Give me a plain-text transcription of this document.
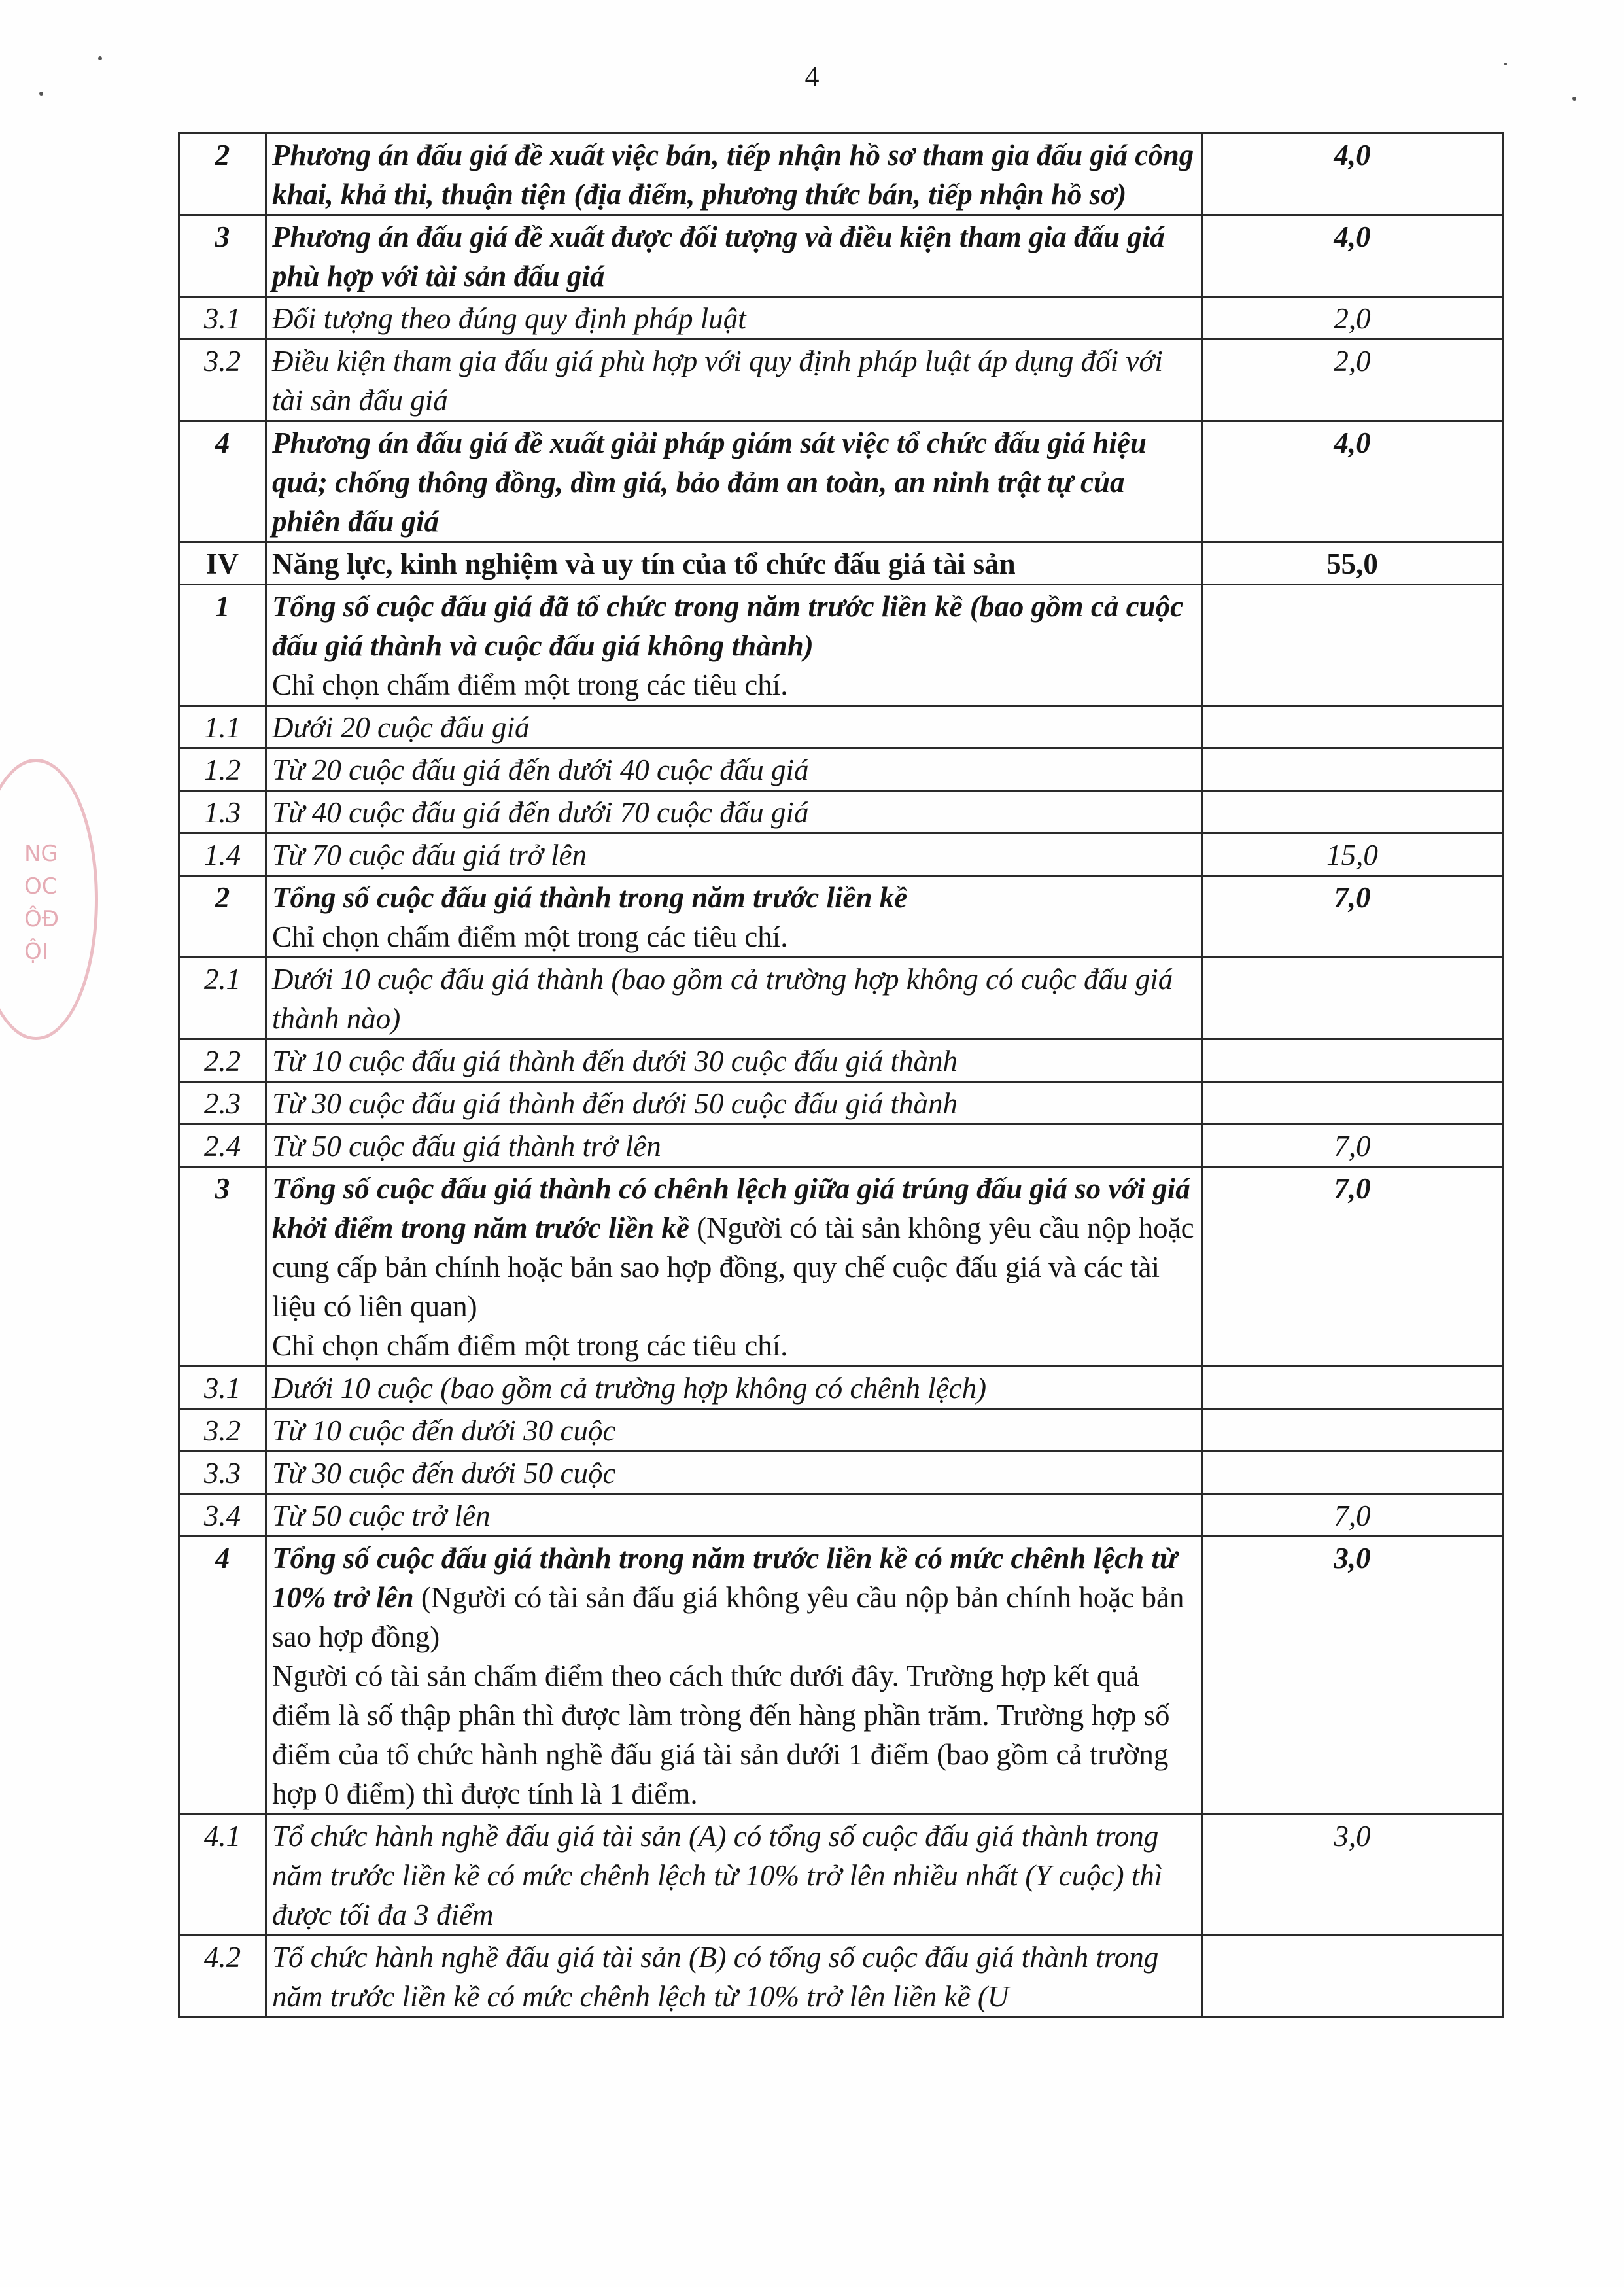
4
NG
OC
ÔĐ
ỘI
2	Phương án đấu giá đề xuất việc bán, tiếp nhận hồ sơ tham gia đấu giá công khai, khả thi, thuận tiện (địa điểm, phương thức bán, tiếp nhận hồ sơ)	4,0
3	Phương án đấu giá đề xuất được đối tượng và điều kiện tham gia đấu giá phù hợp với tài sản đấu giá	4,0
3.1	Đối tượng theo đúng quy định pháp luật	2,0
3.2	Điều kiện tham gia đấu giá phù hợp với quy định pháp luật áp dụng đối với tài sản đấu giá	2,0
4	Phương án đấu giá đề xuất giải pháp giám sát việc tổ chức đấu giá hiệu quả; chống thông đồng, dìm giá, bảo đảm an toàn, an ninh trật tự của phiên đấu giá	4,0
IV	Năng lực, kinh nghiệm và uy tín của tổ chức đấu giá tài sản	55,0
1	Tổng số cuộc đấu giá đã tổ chức trong năm trước liền kề (bao gồm cả cuộc đấu giá thành và cuộc đấu giá không thành)
Chỉ chọn chấm điểm một trong các tiêu chí.	

1.1	Dưới 20 cuộc đấu giá	
1.2	Từ 20 cuộc đấu giá đến dưới 40 cuộc đấu giá	
1.3	Từ 40 cuộc đấu giá đến dưới 70 cuộc đấu giá	
1.4	Từ 70 cuộc đấu giá trở lên	15,0
2	Tổng số cuộc đấu giá thành trong năm trước liền kề
Chỉ chọn chấm điểm một trong các tiêu chí.	7,0
2.1	Dưới 10 cuộc đấu giá thành (bao gồm cả trường hợp không có cuộc đấu giá thành nào)	
2.2	Từ 10 cuộc đấu giá thành đến dưới 30 cuộc đấu giá thành	
2.3	Từ 30 cuộc đấu giá thành đến dưới 50 cuộc đấu giá thành	
2.4	Từ 50 cuộc đấu giá thành trở lên	7,0
3	Tổng số cuộc đấu giá thành có chênh lệch giữa giá trúng đấu giá so với giá khởi điểm trong năm trước liền kề (Người có tài sản không yêu cầu nộp hoặc cung cấp bản chính hoặc bản sao hợp đồng, quy chế cuộc đấu giá và các tài liệu có liên quan)
Chỉ chọn chấm điểm một trong các tiêu chí.	7,0
3.1	Dưới 10 cuộc (bao gồm cả trường hợp không có chênh lệch)	
3.2	Từ 10 cuộc đến dưới 30 cuộc	
3.3	Từ 30 cuộc đến dưới 50 cuộc	
3.4	Từ 50 cuộc trở lên	7,0
4	Tổng số cuộc đấu giá thành trong năm trước liền kề có mức chênh lệch từ 10% trở lên (Người có tài sản đấu giá không yêu cầu nộp bản chính hoặc bản sao hợp đồng)
Người có tài sản chấm điểm theo cách thức dưới đây. Trường hợp kết quả điểm là số thập phân thì được làm tròng đến hàng phần trăm. Trường hợp số điểm của tổ chức hành nghề đấu giá tài sản dưới 1 điểm (bao gồm cả trường hợp 0 điểm) thì được tính là 1 điểm.	3,0
4.1	Tổ chức hành nghề đấu giá tài sản (A) có tổng số cuộc đấu giá thành trong năm trước liền kề có mức chênh lệch từ 10% trở lên nhiều nhất (Y cuộc) thì được tối đa 3 điểm	3,0
4.2	Tổ chức hành nghề đấu giá tài sản (B) có tổng số cuộc đấu giá thành trong năm trước liền kề có mức chênh lệch từ 10% trở lên liền kề (U	
